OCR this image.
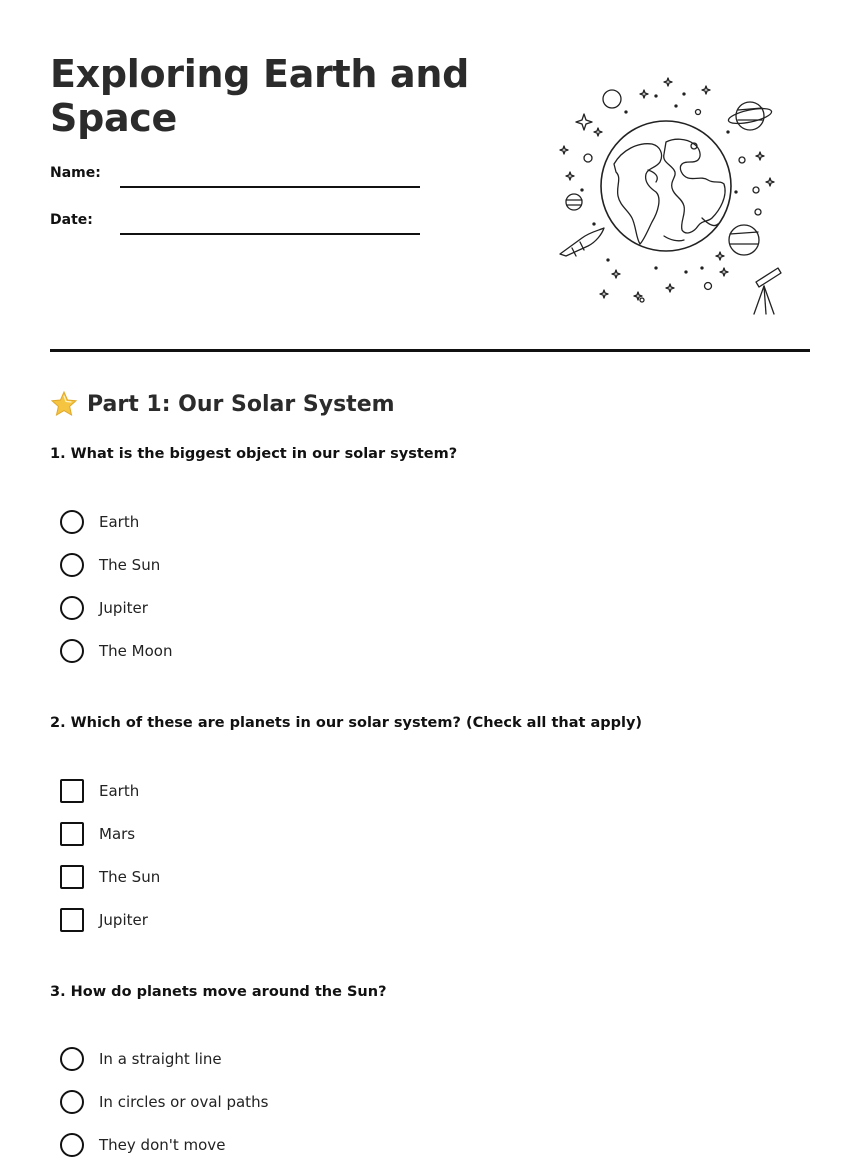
Exploring Earth and Space
Name:
Date:
Part 1: Our Solar System
1. What is the biggest object in our solar system?
Earth
The Sun
Jupiter
The Moon
2. Which of these are planets in our solar system? (Check all that apply)
Earth
Mars
The Sun
Jupiter
3. How do planets move around the Sun?
In a straight line
In circles or oval paths
They don't move
